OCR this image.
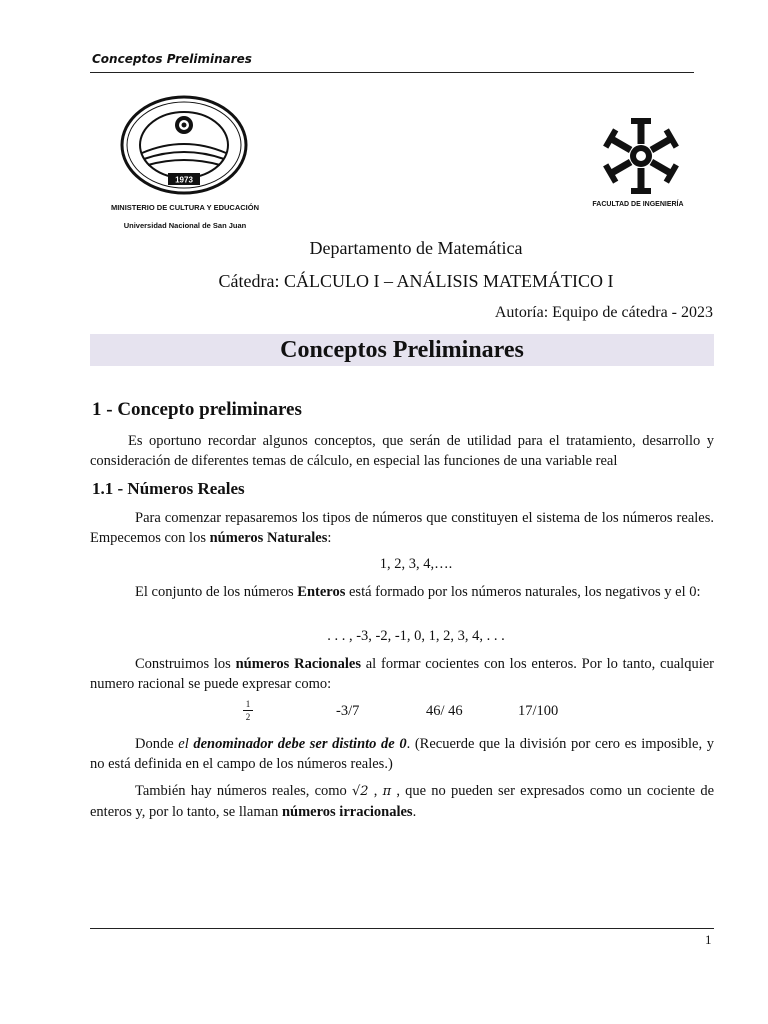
Conceptos Preliminares
1973
MINISTERIO DE CULTURA Y EDUCACIÓN
Universidad Nacional de San Juan
FACULTAD DE INGENIERÍA
Departamento de Matemática
Cátedra: CÁLCULO I – ANÁLISIS MATEMÁTICO I
Autoría: Equipo de cátedra - 2023
Conceptos Preliminares
1 - Concepto preliminares
Es oportuno recordar algunos conceptos, que serán de utilidad para el tratamiento, desarrollo y consideración de diferentes temas de cálculo, en especial las funciones de una variable real
1.1 - Números Reales
Para comenzar repasaremos los tipos de números que constituyen el sistema de los números reales. Empecemos con los números Naturales:
1, 2, 3, 4,….
El conjunto de los números Enteros está formado por los números naturales, los negativos y el 0:
. . . , -3, -2, -1, 0, 1, 2, 3, 4, . . .
Construimos los números Racionales al formar cocientes con los enteros. Por lo tanto, cualquier numero racional se puede expresar como:
1
2	-3/7	46/ 46	17/100
Donde el denominador debe ser distinto de 0. (Recuerde que la división por cero es imposible, y no está definida en el campo de los números reales.)
También hay números reales, como √2 , π , que no pueden ser expresados como un cociente de enteros y, por lo tanto, se llaman números irracionales.
1
